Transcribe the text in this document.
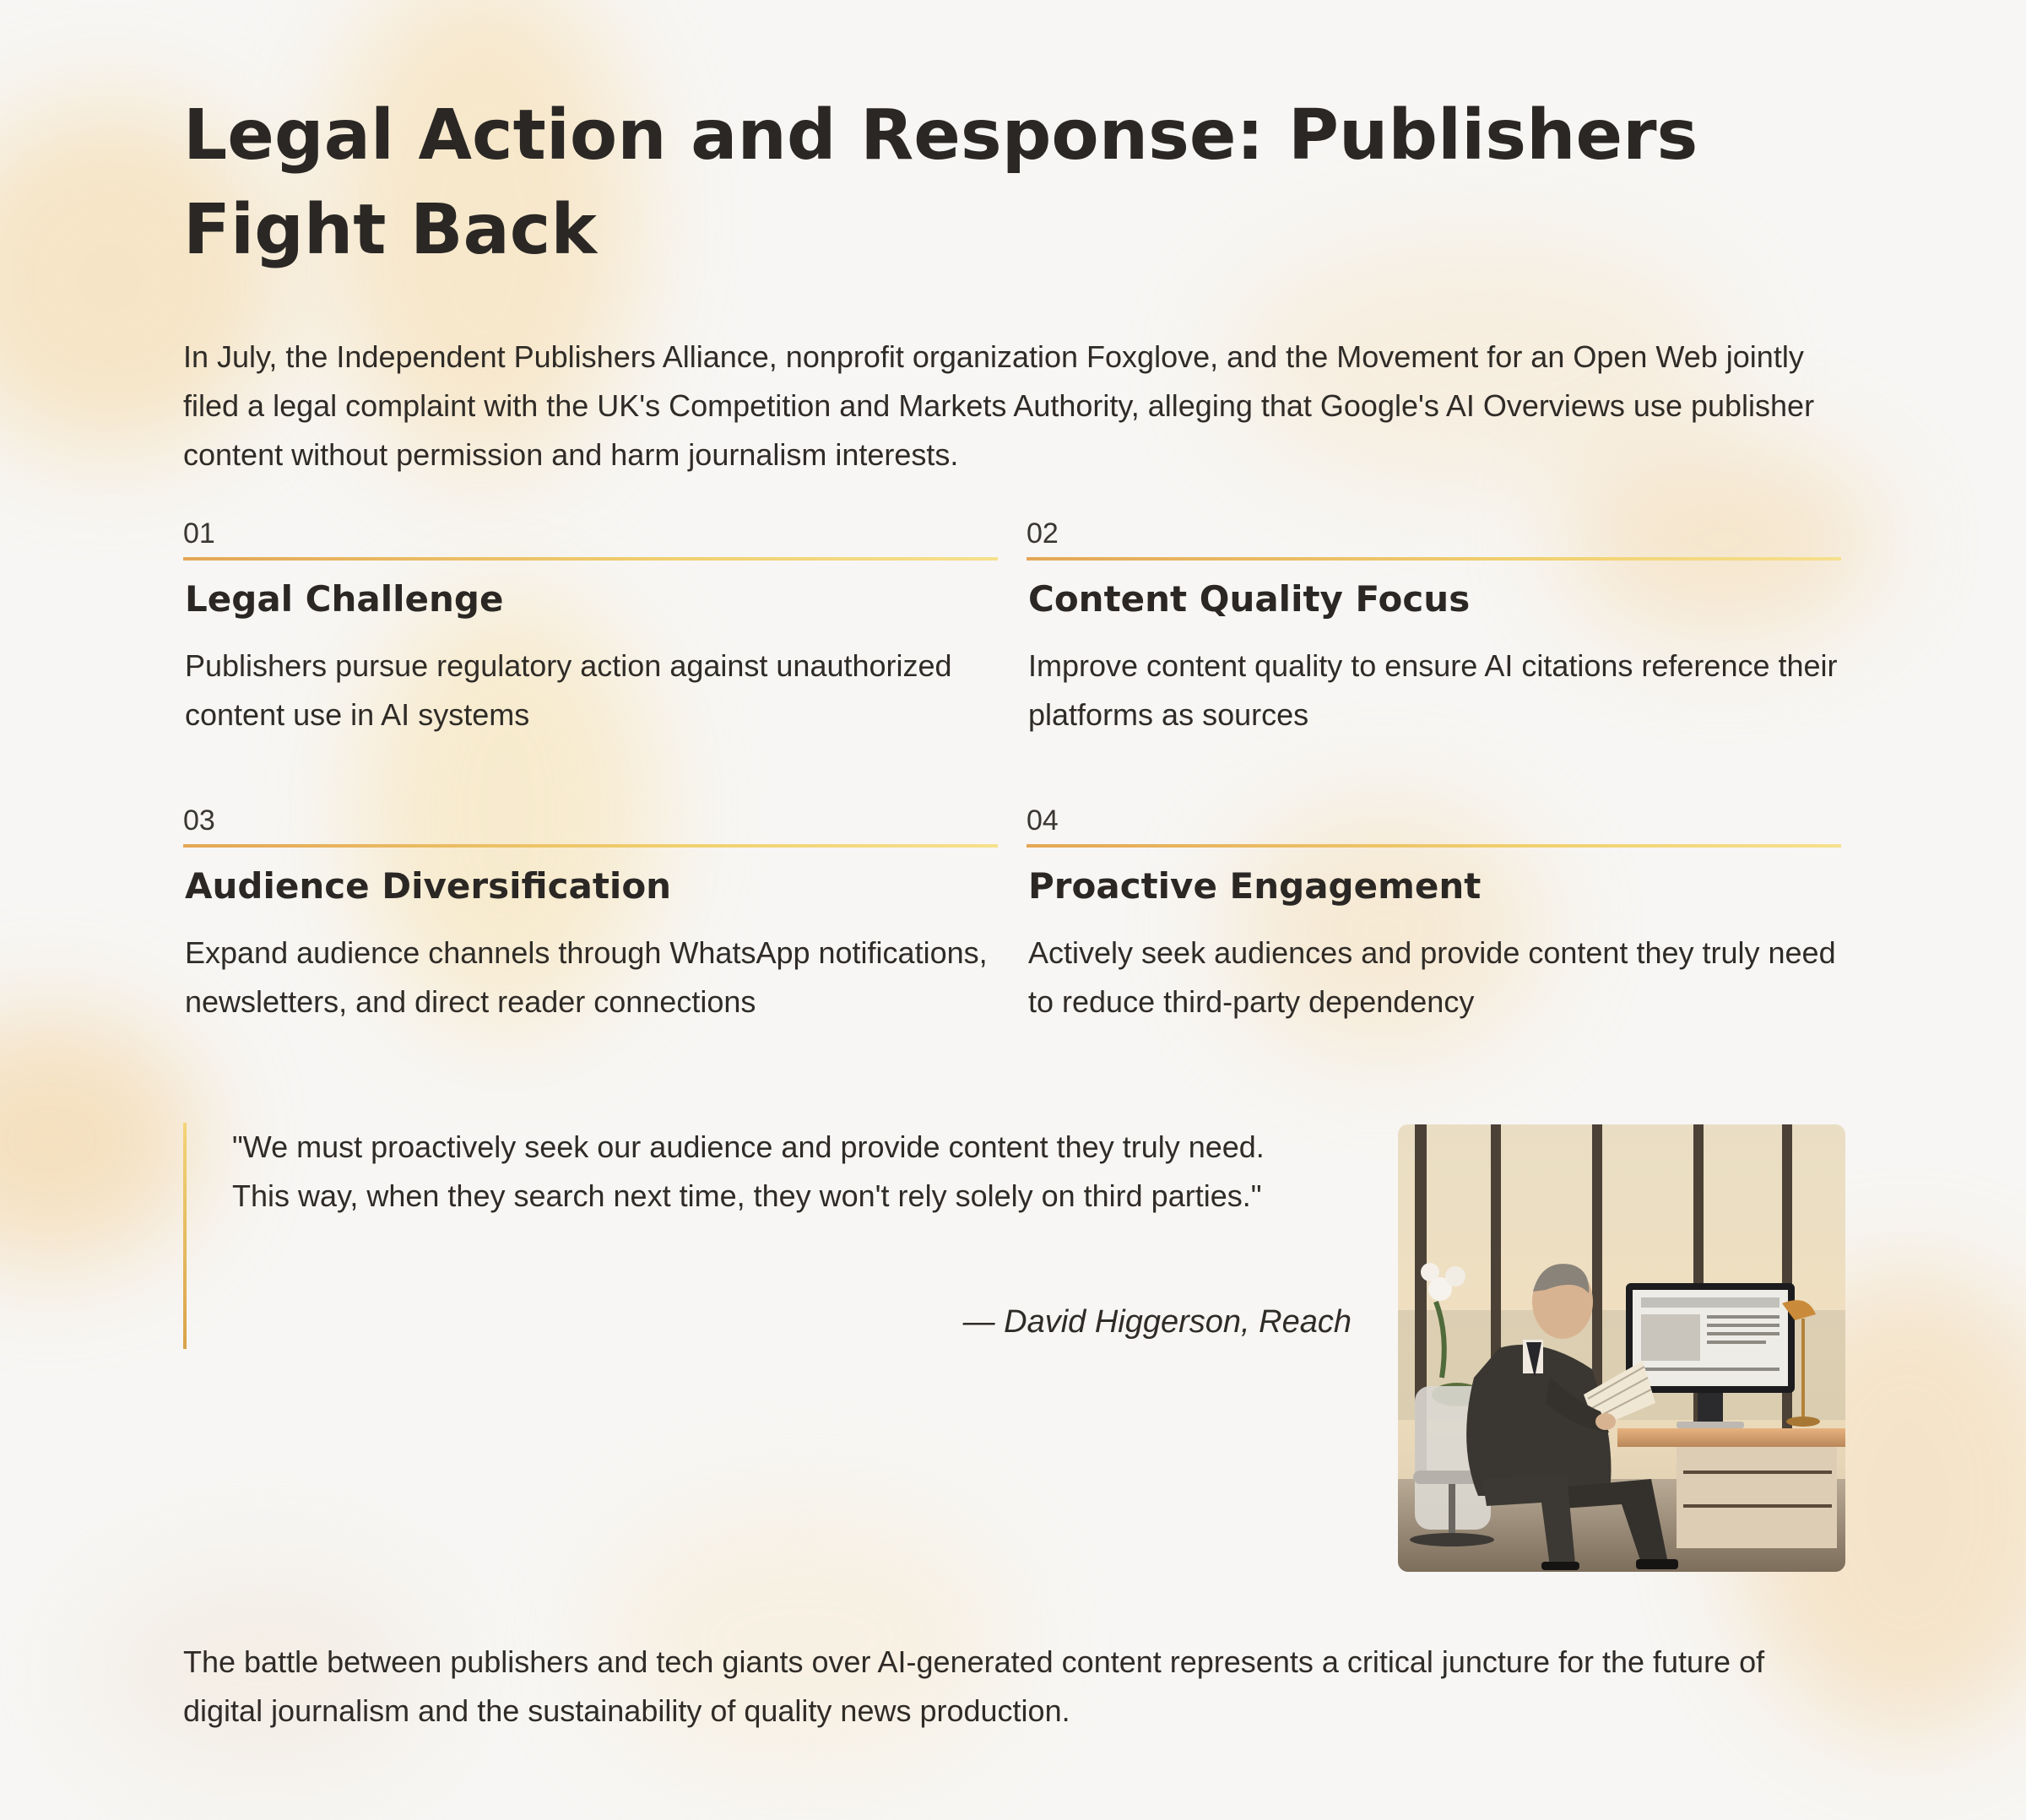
Legal Action and Response: Publishers Fight Back

In July, the Independent Publishers Alliance, nonprofit organization Foxglove, and the Movement for an Open Web jointly filed a legal complaint with the UK's Competition and Markets Authority, alleging that Google's AI Overviews use publisher content without permission and harm journalism interests.

01
Legal Challenge

Publishers pursue regulatory action against unauthorized content use in AI systems

02
Content Quality Focus

Improve content quality to ensure AI citations reference their platforms as sources

03
Audience Diversification

Expand audience channels through WhatsApp notifications, newsletters, and direct reader connections

04
Proactive Engagement

Actively seek audiences and provide content they truly need to reduce third-party dependency

"We must proactively seek our audience and provide content they truly need. This way, when they search next time, they won't rely solely on third parties."

— David Higgerson, Reach

The battle between publishers and tech giants over AI-generated content represents a critical juncture for the future of digital journalism and the sustainability of quality news production.
